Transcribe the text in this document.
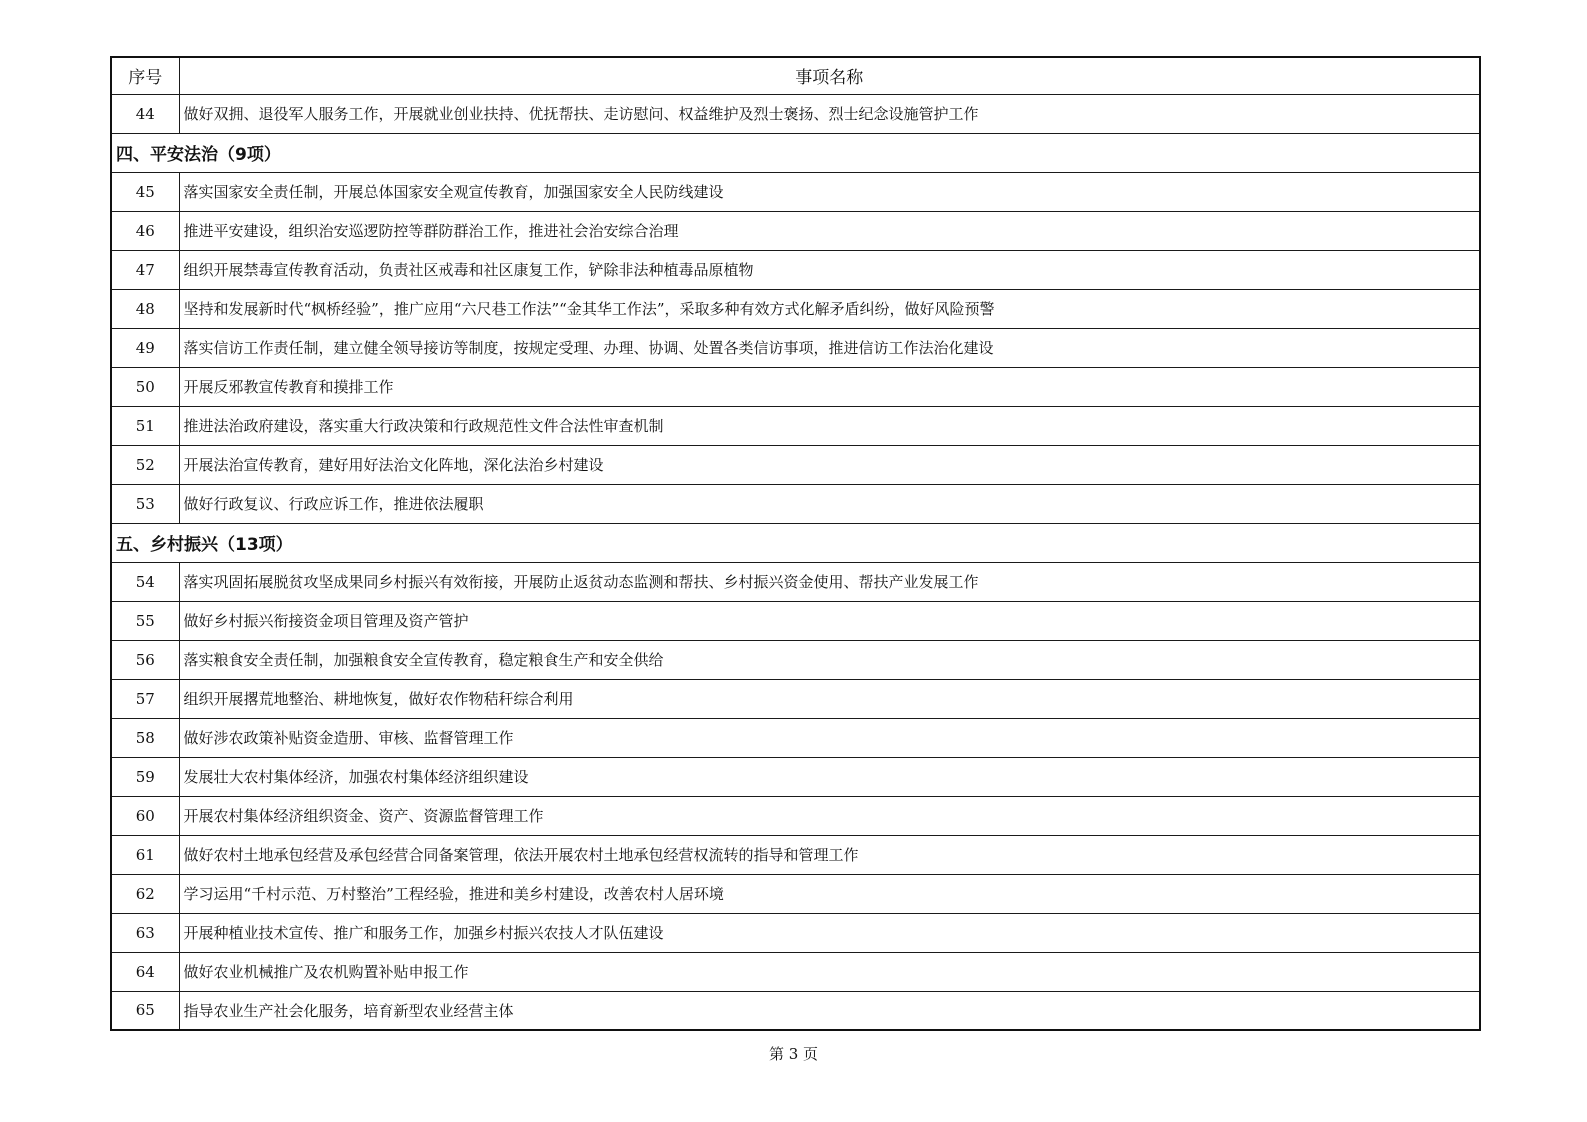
序号	事项名称
44	做好双拥、退役军人服务工作，开展就业创业扶持、优抚帮扶、走访慰问、权益维护及烈士褒扬、烈士纪念设施管护工作
四、平安法治（9项）	
45	落实国家安全责任制，开展总体国家安全观宣传教育，加强国家安全人民防线建设
46	推进平安建设，组织治安巡逻防控等群防群治工作，推进社会治安综合治理
47	组织开展禁毒宣传教育活动，负责社区戒毒和社区康复工作，铲除非法种植毒品原植物
48	坚持和发展新时代“枫桥经验”，推广应用“六尺巷工作法”“金其华工作法”，采取多种有效方式化解矛盾纠纷，做好风险预警
49	落实信访工作责任制，建立健全领导接访等制度，按规定受理、办理、协调、处置各类信访事项，推进信访工作法治化建设
50	开展反邪教宣传教育和摸排工作
51	推进法治政府建设，落实重大行政决策和行政规范性文件合法性审查机制
52	开展法治宣传教育，建好用好法治文化阵地，深化法治乡村建设
53	做好行政复议、行政应诉工作，推进依法履职
五、乡村振兴（13项）	
54	落实巩固拓展脱贫攻坚成果同乡村振兴有效衔接，开展防止返贫动态监测和帮扶、乡村振兴资金使用、帮扶产业发展工作
55	做好乡村振兴衔接资金项目管理及资产管护
56	落实粮食安全责任制，加强粮食安全宣传教育，稳定粮食生产和安全供给
57	组织开展撂荒地整治、耕地恢复，做好农作物秸秆综合利用
58	做好涉农政策补贴资金造册、审核、监督管理工作
59	发展壮大农村集体经济，加强农村集体经济组织建设
60	开展农村集体经济组织资金、资产、资源监督管理工作
61	做好农村土地承包经营及承包经营合同备案管理，依法开展农村土地承包经营权流转的指导和管理工作
62	学习运用“千村示范、万村整治”工程经验，推进和美乡村建设，改善农村人居环境
63	开展种植业技术宣传、推广和服务工作，加强乡村振兴农技人才队伍建设
64	做好农业机械推广及农机购置补贴申报工作
65	指导农业生产社会化服务，培育新型农业经营主体
第 3 页
